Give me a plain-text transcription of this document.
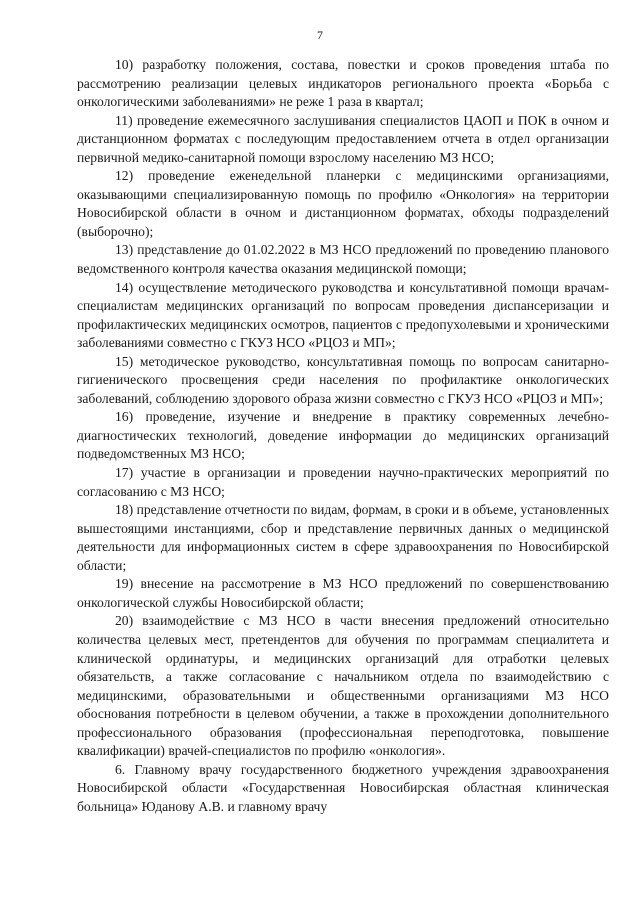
7

10) разработку положения, состава, повестки и сроков проведения штаба по рассмотрению реализации целевых индикаторов регионального проекта «Борьба с онкологическими заболеваниями» не реже 1 раза в квартал;

11) проведение ежемесячного заслушивания специалистов ЦАОП и ПОК в очном и дистанционном форматах с последующим предоставлением отчета в отдел организации первичной медико-санитарной помощи взрослому населению МЗ НСО;

12) проведение еженедельной планерки с медицинскими организациями, оказывающими специализированную помощь по профилю «Онкология» на территории Новосибирской области в очном и дистанционном форматах, обходы подразделений (выборочно);

13) представление до 01.02.2022 в МЗ НСО предложений по проведению планового ведомственного контроля качества оказания медицинской помощи;

14) осуществление методического руководства и консультативной помощи врачам-специалистам медицинских организаций по вопросам проведения диспансеризации и профилактических медицинских осмотров, пациентов с предопухолевыми и хроническими заболеваниями совместно с ГКУЗ НСО «РЦОЗ и МП»;

15) методическое руководство, консультативная помощь по вопросам санитарно-гигиенического просвещения среди населения по профилактике онкологических заболеваний, соблюдению здорового образа жизни совместно с ГКУЗ НСО «РЦОЗ и МП»;

16) проведение, изучение и внедрение в практику современных лечебно-диагностических технологий, доведение информации до медицинских организаций подведомственных МЗ НСО;

17) участие в организации и проведении научно-практических мероприятий по согласованию с МЗ НСО;

18) представление отчетности по видам, формам, в сроки и в объеме, установленных вышестоящими инстанциями, сбор и представление первичных данных о медицинской деятельности для информационных систем в сфере здравоохранения по Новосибирской области;

19) внесение на рассмотрение в МЗ НСО предложений по совершенствованию онкологической службы Новосибирской области;

20) взаимодействие с МЗ НСО в части внесения предложений относительно количества целевых мест, претендентов для обучения по программам специалитета и клинической ординатуры, и медицинских организаций для отработки целевых обязательств, а также согласование с начальником отдела по взаимодействию с медицинскими, образовательными и общественными организациями МЗ НСО обоснования потребности в целевом обучении, а также в прохождении дополнительного профессионального образования (профессиональная переподготовка, повышение квалификации) врачей-специалистов по профилю «онкология».

6. Главному врачу государственного бюджетного учреждения здравоохранения Новосибирской области «Государственная Новосибирская областная клиническая больница» Юданову А.В. и главному врачу
